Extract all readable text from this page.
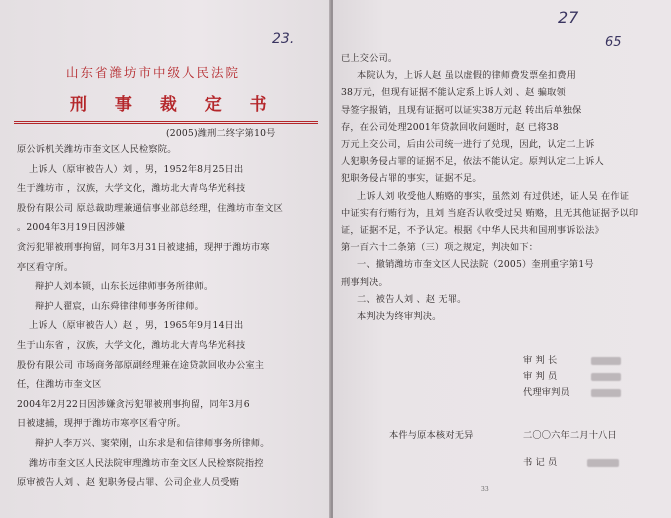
23.
山东省潍坊市中级人民法院
刑 事 裁 定 书
(2005)潍刑二终字第10号
原公诉机关潍坊市奎文区人民检察院。
上诉人（原审被告人）刘 ，男，1952年8月25日出
生于潍坊市 ，汉族，大学文化，潍坊北大青鸟华光科技
股份有限公司 原总裁助理兼通信事业部总经理，住潍坊市奎文区
。2004年3月19日因涉嫌
贪污犯罪被刑事拘留，同年3月31日被逮捕，现押于潍坊市寒
亭区看守所。
辩护人刘本锁，山东长远律师事务所律师。
辩护人翟宸，山东舜律律师事务所律师。
上诉人（原审被告人）赵 ，男，1965年9月14日出
生于山东省 ，汉族，大学文化，潍坊北大青鸟华光科技
股份有限公司 市场商务部原副经理兼在途贷款回收办公室主
任，住潍坊市奎文区
2004年2月22日因涉嫌贪污犯罪被刑事拘留，同年3月6
日被逮捕，现押于潍坊市寒亭区看守所。
辩护人李万兴、窦荣刚，山东求是和信律师事务所律师。
潍坊市奎文区人民法院审理潍坊市奎文区人民检察院指控
原审被告人刘 、赵 犯职务侵占罪、公司企业人员受贿
27
65
已上交公司。
本院认为，上诉人赵 虽以虚假的律师费发票垒扣费用
38万元，但现有证据不能认定系上诉人刘 、赵 骗取领
导签字报销，且现有证据可以证实38万元赵 转出后单独保
存，在公司处理2001年贷款回收问题时，赵 已将38
万元上交公司，后由公司统一进行了兑现，因此，认定二上诉
人犯职务侵占罪的证据不足，依法不能认定。原判认定二上诉人
犯职务侵占罪的事实，证据不足。
上诉人刘 收受他人贿赂的事实，虽然刘 有过供述，证人吴 在作证
中证实有行贿行为，且刘 当庭否认收受过吴 贿赂，且无其他证据予以印
证，证据不足，不予认定。根据《中华人民共和国刑事诉讼法》
第一百六十二条第（三）项之规定，判决如下：
一、撤销潍坊市奎文区人民法院（2005）奎刑重字第1号
刑事判决。
二、被告人刘 、赵 无罪。
本判决为终审判决。
审 判 长
审 判 员
代理审判员
本件与原本核对无异	二〇〇六年二月十八日
书 记 员
33
